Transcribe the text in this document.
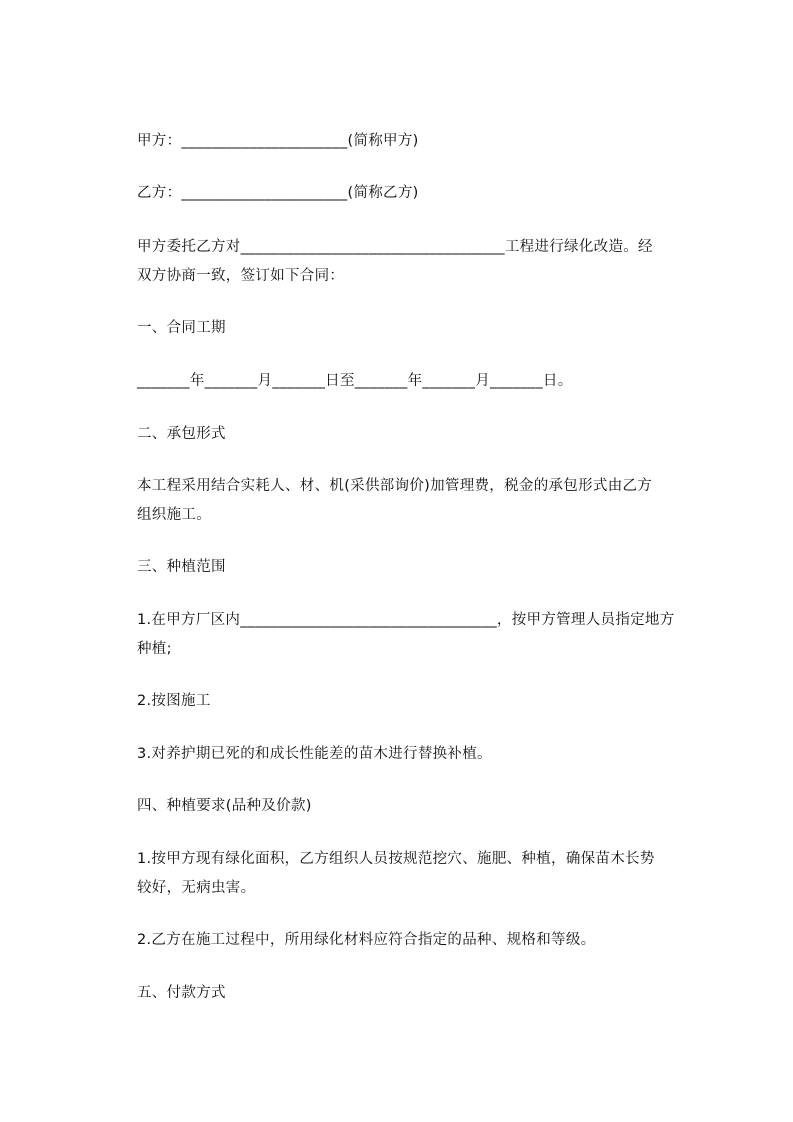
甲方：______________________(简称甲方)
乙方：______________________(简称乙方)
甲方委托乙方对___________________________________工程进行绿化改造。经
双方协商一致，签订如下合同：
一、合同工期
_______年_______月_______日至_______年_______月_______日。
二、承包形式
本工程采用结合实耗人、材、机(采供部询价)加管理费，税金的承包形式由乙方
组织施工。
三、种植范围
1.在甲方厂区内__________________________________，按甲方管理人员指定地方
种植;
2.按图施工
3.对养护期已死的和成长性能差的苗木进行替换补植。
四、种植要求(品种及价款)
1.按甲方现有绿化面积，乙方组织人员按规范挖穴、施肥、种植，确保苗木长势
较好，无病虫害。
2.乙方在施工过程中，所用绿化材料应符合指定的品种、规格和等级。
五、付款方式
